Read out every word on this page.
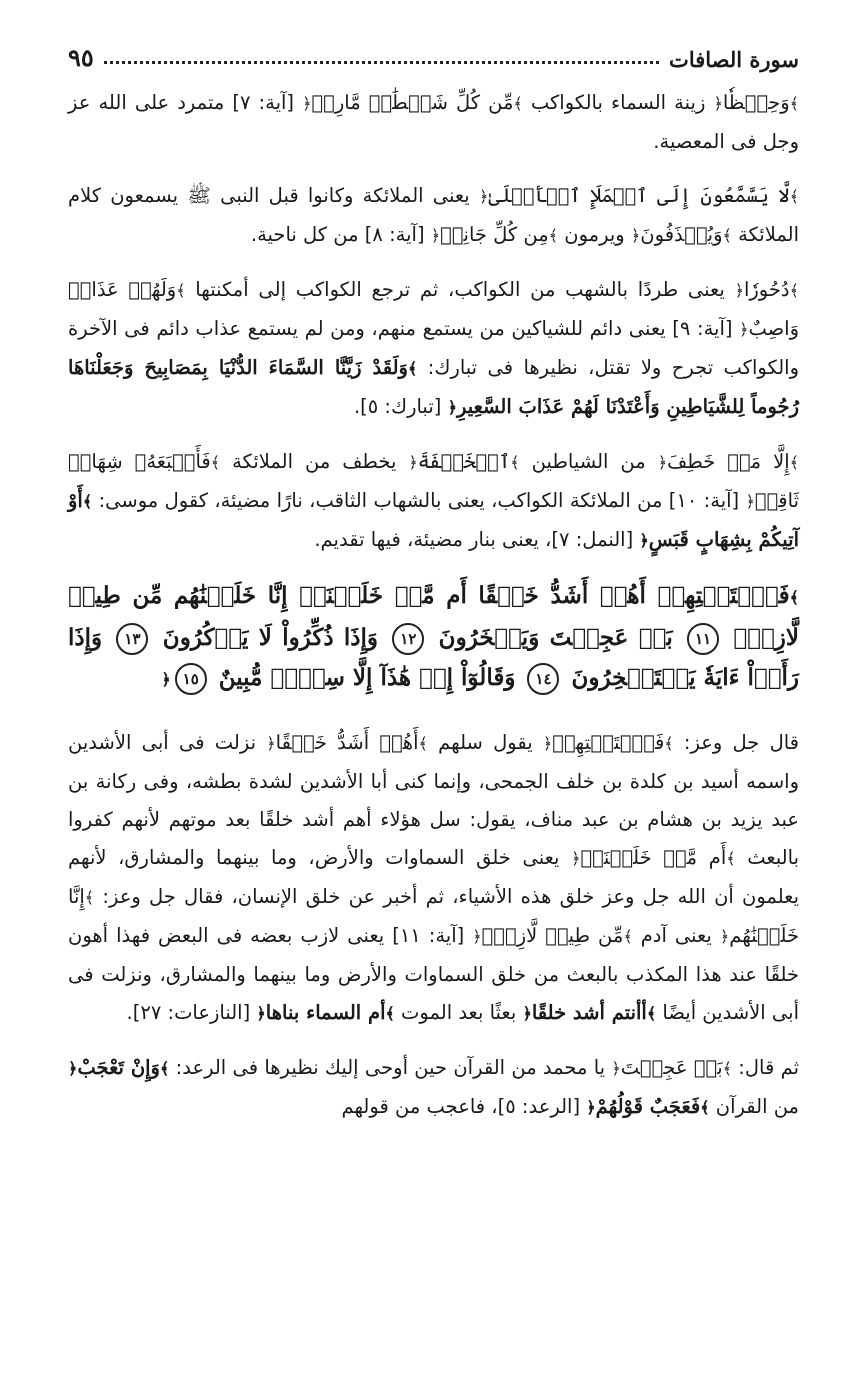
سورة الصافات
٩٥

﴾وَحِفۡظٗا﴿ زينة السماء بالكواكب ﴾مِّن كُلِّ شَيۡطَٰنٖ مَّارِدٖ﴿ [آية: ٧] متمرد على الله عز وجل فى المعصية.

﴾لَّا يَسَّمَّعُونَ إِلَى ٱلۡمَلَإِ ٱلۡأَعۡلَىٰ﴿ يعنى الملائكة وكانوا قبل النبى ﷺ يسمعون كلام الملائكة ﴾وَيُقۡذَفُونَ﴿ ويرمون ﴾مِن كُلِّ جَانِبٖ﴿ [آية: ٨] من كل ناحية.

﴾دُحُورٗا﴿ يعنى طردًا بالشهب من الكواكب، ثم ترجع الكواكب إلى أمكنتها ﴾وَلَهُمۡ عَذَابٞ وَاصِبٌ﴿ [آية: ٩] يعنى دائم للشياكين من يستمع منهم، ومن لم يستمع عذاب دائم فى الآخرة والكواكب تجرح ولا تقتل، نظيرها فى تبارك: ﴾وَلَقَدْ زَيَّنَّا السَّمَاءَ الدُّنْيَا بِمَصَابِيحَ وَجَعَلْنَاهَا رُجُوماً لِلشَّيَاطِينِ وَأَعْتَدْنَا لَهُمْ عَذَابَ السَّعِيرِ﴿ [تبارك: ٥].

﴾إِلَّا مَنۡ خَطِفَ﴿ من الشياطين ﴾ٱلۡخَطۡفَةَ﴿ يخطف من الملائكة ﴾فَأَتۡبَعَهُۥ شِهَابٞ ثَاقِبٞ﴿ [آية: ١٠] من الملائكة الكواكب، يعنى بالشهاب الثاقب، نارًا مضيئة، كقول موسى: ﴾أَوْ آتِيكُمْ بِشِهَابٍ قَبَسٍ﴿ [النمل: ٧]، يعنى بنار مضيئة، فيها تقديم.

﴾فَٱسۡتَفۡتِهِمۡ أَهُمۡ أَشَدُّ خَلۡقًا أَم مَّنۡ خَلَقۡنَآۚ إِنَّا خَلَقۡنَٰهُم مِّن طِينٖ لَّازِبِۭ ١١ بَلۡ عَجِبۡتَ وَيَسۡخَرُونَ ١٢ وَإِذَا ذُكِّرُواْ لَا يَذۡكُرُونَ ١٣ وَإِذَا رَأَوۡاْ ءَايَةٗ يَسۡتَسۡخِرُونَ ١٤ وَقَالُوٓاْ إِنۡ هَٰذَآ إِلَّا سِحۡرٞ مُّبِينٌ ١٥﴿

قال جل وعز: ﴾فَٱسۡتَفۡتِهِمۡ﴿ يقول سلهم ﴾أَهُمۡ أَشَدُّ خَلۡقًا﴿ نزلت فى أبى الأشدين واسمه أسيد بن كلدة بن خلف الجمحى، وإنما كنى أبا الأشدين لشدة بطشه، وفى ركانة بن عبد يزيد بن هشام بن عبد مناف، يقول: سل هؤلاء أهم أشد خلقًا بعد موتهم لأنهم كفروا بالبعث ﴾أَم مَّنۡ خَلَقۡنَآۚ﴿ يعنى خلق السماوات والأرض، وما بينهما والمشارق، لأنهم يعلمون أن الله جل وعز خلق هذه الأشياء، ثم أخبر عن خلق الإنسان، فقال جل وعز: ﴾إِنَّا خَلَقۡنَٰهُم﴿ يعنى آدم ﴾مِّن طِينٖ لَّازِبِۭ﴿ [آية: ١١] يعنى لازب بعضه فى البعض فهذا أهون خلقًا عند هذا المكذب بالبعث من خلق السماوات والأرض وما بينهما والمشارق، ونزلت فى أبى الأشدين أيضًا ﴾أأنتم أشد خلقًا﴿ بعثًا بعد الموت ﴾أم السماء بناها﴿ [النازعات: ٢٧].

ثم قال: ﴾بَلۡ عَجِبۡتَ﴿ يا محمد من القرآن حين أوحى إليك نظيرها فى الرعد: ﴾وَإِنْ تَعْجَبْ﴿ من القرآن ﴾فَعَجَبٌ قَوْلُهُمْ﴿ [الرعد: ٥]، فاعجب من قولهم
